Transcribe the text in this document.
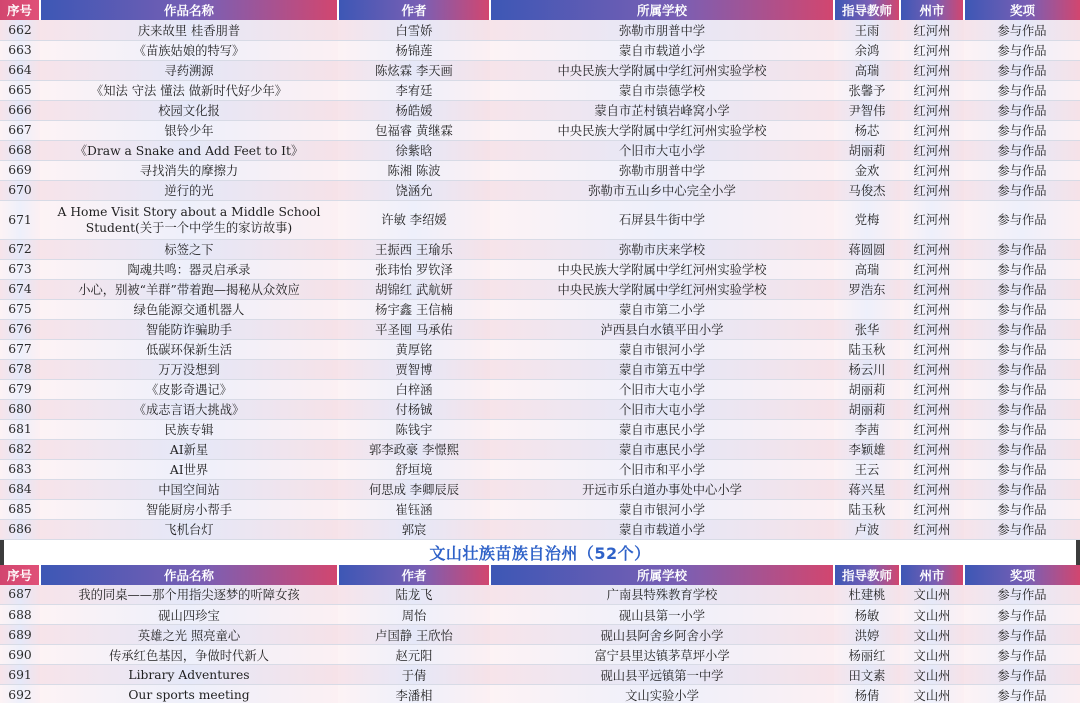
序号	作品名称	作者	所属学校	指导教师	州市	奖项
662	庆来故里 桂香朋普	白雪娇	弥勒市朋普中学	王雨	红河州	参与作品
663	《苗族姑娘的特写》	杨锦莲	蒙自市载道小学	余鸿	红河州	参与作品
664	寻药溯源	陈炫霖 李天画	中央民族大学附属中学红河州实验学校	高瑞	红河州	参与作品
665	《知法 守法 懂法 做新时代好少年》	李宥廷	蒙自市崇德学校	张馨予	红河州	参与作品
666	校园文化报	杨皓媛	蒙自市芷村镇岩峰窝小学	尹智伟	红河州	参与作品
667	银铃少年	包福睿 黄继霖	中央民族大学附属中学红河州实验学校	杨芯	红河州	参与作品
668	《Draw a Snake and Add Feet to It》	徐紫晗	个旧市大屯小学	胡丽莉	红河州	参与作品
669	寻找消失的摩擦力	陈湘 陈波	弥勒市朋普中学	金欢	红河州	参与作品
670	逆行的光	饶涵允	弥勒市五山乡中心完全小学	马俊杰	红河州	参与作品
671	A Home Visit Story about a Middle School Student(关于一个中学生的家访故事)	许敏 李绍媛	石屏县牛街中学	党梅	红河州	参与作品
672	标签之下	王振西 王瑜乐	弥勒市庆来学校	蒋圆圆	红河州	参与作品
673	陶魂共鸣：器灵启承录	张玮怡 罗钦泽	中央民族大学附属中学红河州实验学校	高瑞	红河州	参与作品
674	小心，别被“羊群”带着跑—揭秘从众效应	胡锦红 武航妍	中央民族大学附属中学红河州实验学校	罗浩东	红河州	参与作品
675	绿色能源交通机器人	杨宇鑫 王信楠	蒙自市第二小学		红河州	参与作品
676	智能防诈骗助手	平圣囤 马承佑	泸西县白水镇平田小学	张华	红河州	参与作品
677	低碳环保新生活	黄厚铭	蒙自市银河小学	陆玉秋	红河州	参与作品
678	万万没想到	贾智博	蒙自市第五中学	杨云川	红河州	参与作品
679	《皮影奇遇记》	白梓涵	个旧市大屯小学	胡丽莉	红河州	参与作品
680	《成志言语大挑战》	付杨铖	个旧市大屯小学	胡丽莉	红河州	参与作品
681	民族专辑	陈钱宇	蒙自市惠民小学	李茜	红河州	参与作品
682	AI新星	郭李政豪 李憬熙	蒙自市惠民小学	李颖雄	红河州	参与作品
683	AI世界	舒垣境	个旧市和平小学	王云	红河州	参与作品
684	中国空间站	何思成 李卿辰辰	开远市乐白道办事处中心小学	蒋兴星	红河州	参与作品
685	智能厨房小帮手	崔钰涵	蒙自市银河小学	陆玉秋	红河州	参与作品
686	飞机台灯	郭宸	蒙自市载道小学	卢波	红河州	参与作品
文山壮族苗族自治州（52个）
序号	作品名称	作者	所属学校	指导教师	州市	奖项
687	我的同桌——那个用指尖逐梦的听障女孩	陆龙飞	广南县特殊教育学校	杜建桃	文山州	参与作品
688	砚山四珍宝	周怡	砚山县第一小学	杨敏	文山州	参与作品
689	英雄之光 照亮童心	卢国静 王欣怡	砚山县阿舍乡阿舍小学	洪婷	文山州	参与作品
690	传承红色基因，争做时代新人	赵元阳	富宁县里达镇茅草坪小学	杨丽红	文山州	参与作品
691	Library Adventures	于倩	砚山县平远镇第一中学	田文素	文山州	参与作品
692	Our sports meeting	李潘相	文山实验小学	杨倩	文山州	参与作品
